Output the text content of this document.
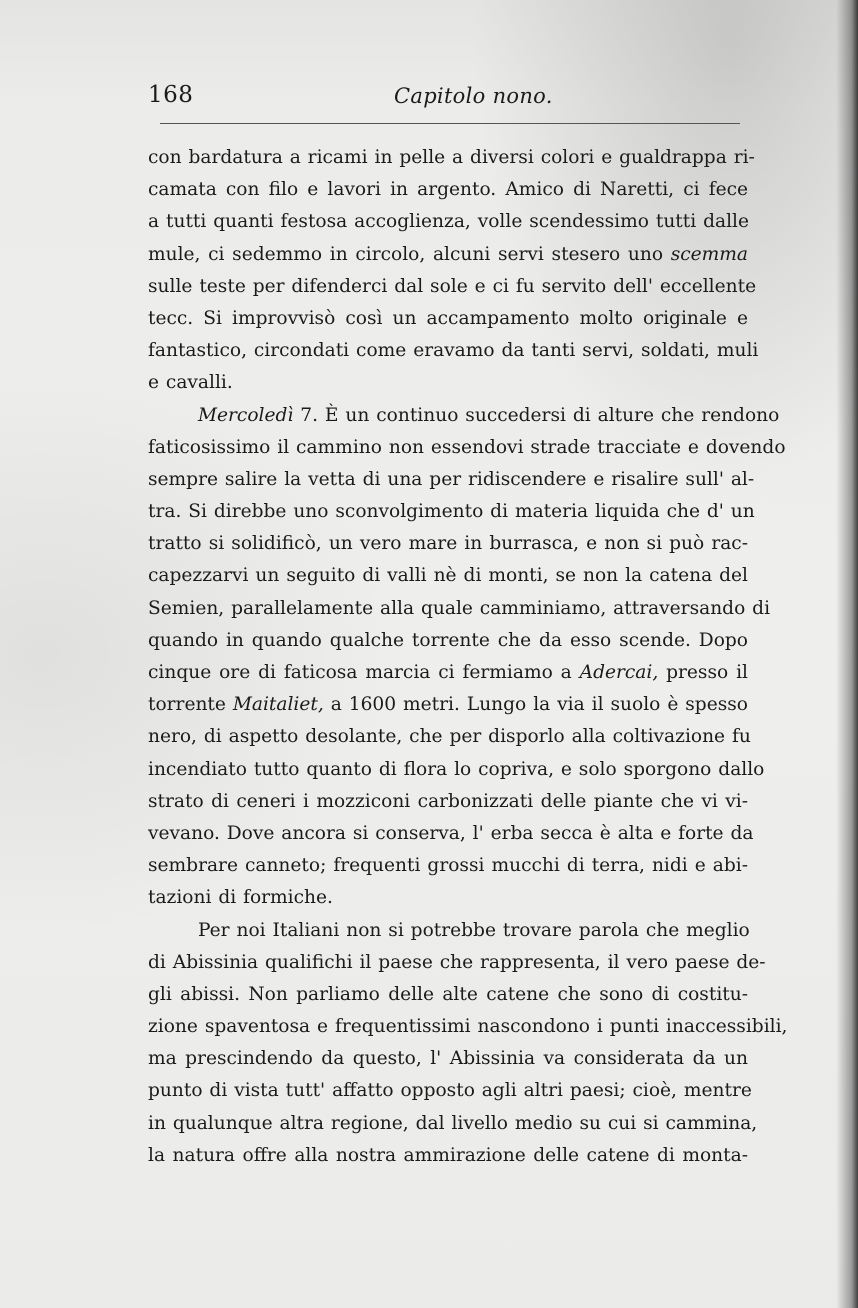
168	Capitolo nono.
con bardatura a ricami in pelle a diversi colori e gualdrappa ri-
camata con filo e lavori in argento. Amico di Naretti, ci fece
a tutti quanti festosa accoglienza, volle scendessimo tutti dalle
mule, ci sedemmo in circolo, alcuni servi stesero uno scemma
sulle teste per difenderci dal sole e ci fu servito dell' eccellente
tecc. Si improvvisò così un accampamento molto originale e
fantastico, circondati come eravamo da tanti servi, soldati, muli
e cavalli.
Mercoledì 7. È un continuo succedersi di alture che rendono
faticosissimo il cammino non essendovi strade tracciate e dovendo
sempre salire la vetta di una per ridiscendere e risalire sull' al-
tra. Si direbbe uno sconvolgimento di materia liquida che d' un
tratto si solidificò, un vero mare in burrasca, e non si può rac-
capezzarvi un seguito di valli nè di monti, se non la catena del
Semien, parallelamente alla quale camminiamo, attraversando di
quando in quando qualche torrente che da esso scende. Dopo
cinque ore di faticosa marcia ci fermiamo a Adercai, presso il
torrente Maitaliet, a 1600 metri. Lungo la via il suolo è spesso
nero, di aspetto desolante, che per disporlo alla coltivazione fu
incendiato tutto quanto di flora lo copriva, e solo sporgono dallo
strato di ceneri i mozziconi carbonizzati delle piante che vi vi-
vevano. Dove ancora si conserva, l' erba secca è alta e forte da
sembrare canneto; frequenti grossi mucchi di terra, nidi e abi-
tazioni di formiche.
Per noi Italiani non si potrebbe trovare parola che meglio
di Abissinia qualifichi il paese che rappresenta, il vero paese de-
gli abissi. Non parliamo delle alte catene che sono di costitu-
zione spaventosa e frequentissimi nascondono i punti inaccessibili,
ma prescindendo da questo, l' Abissinia va considerata da un
punto di vista tutt' affatto opposto agli altri paesi; cioè, mentre
in qualunque altra regione, dal livello medio su cui si cammina,
la natura offre alla nostra ammirazione delle catene di monta-
